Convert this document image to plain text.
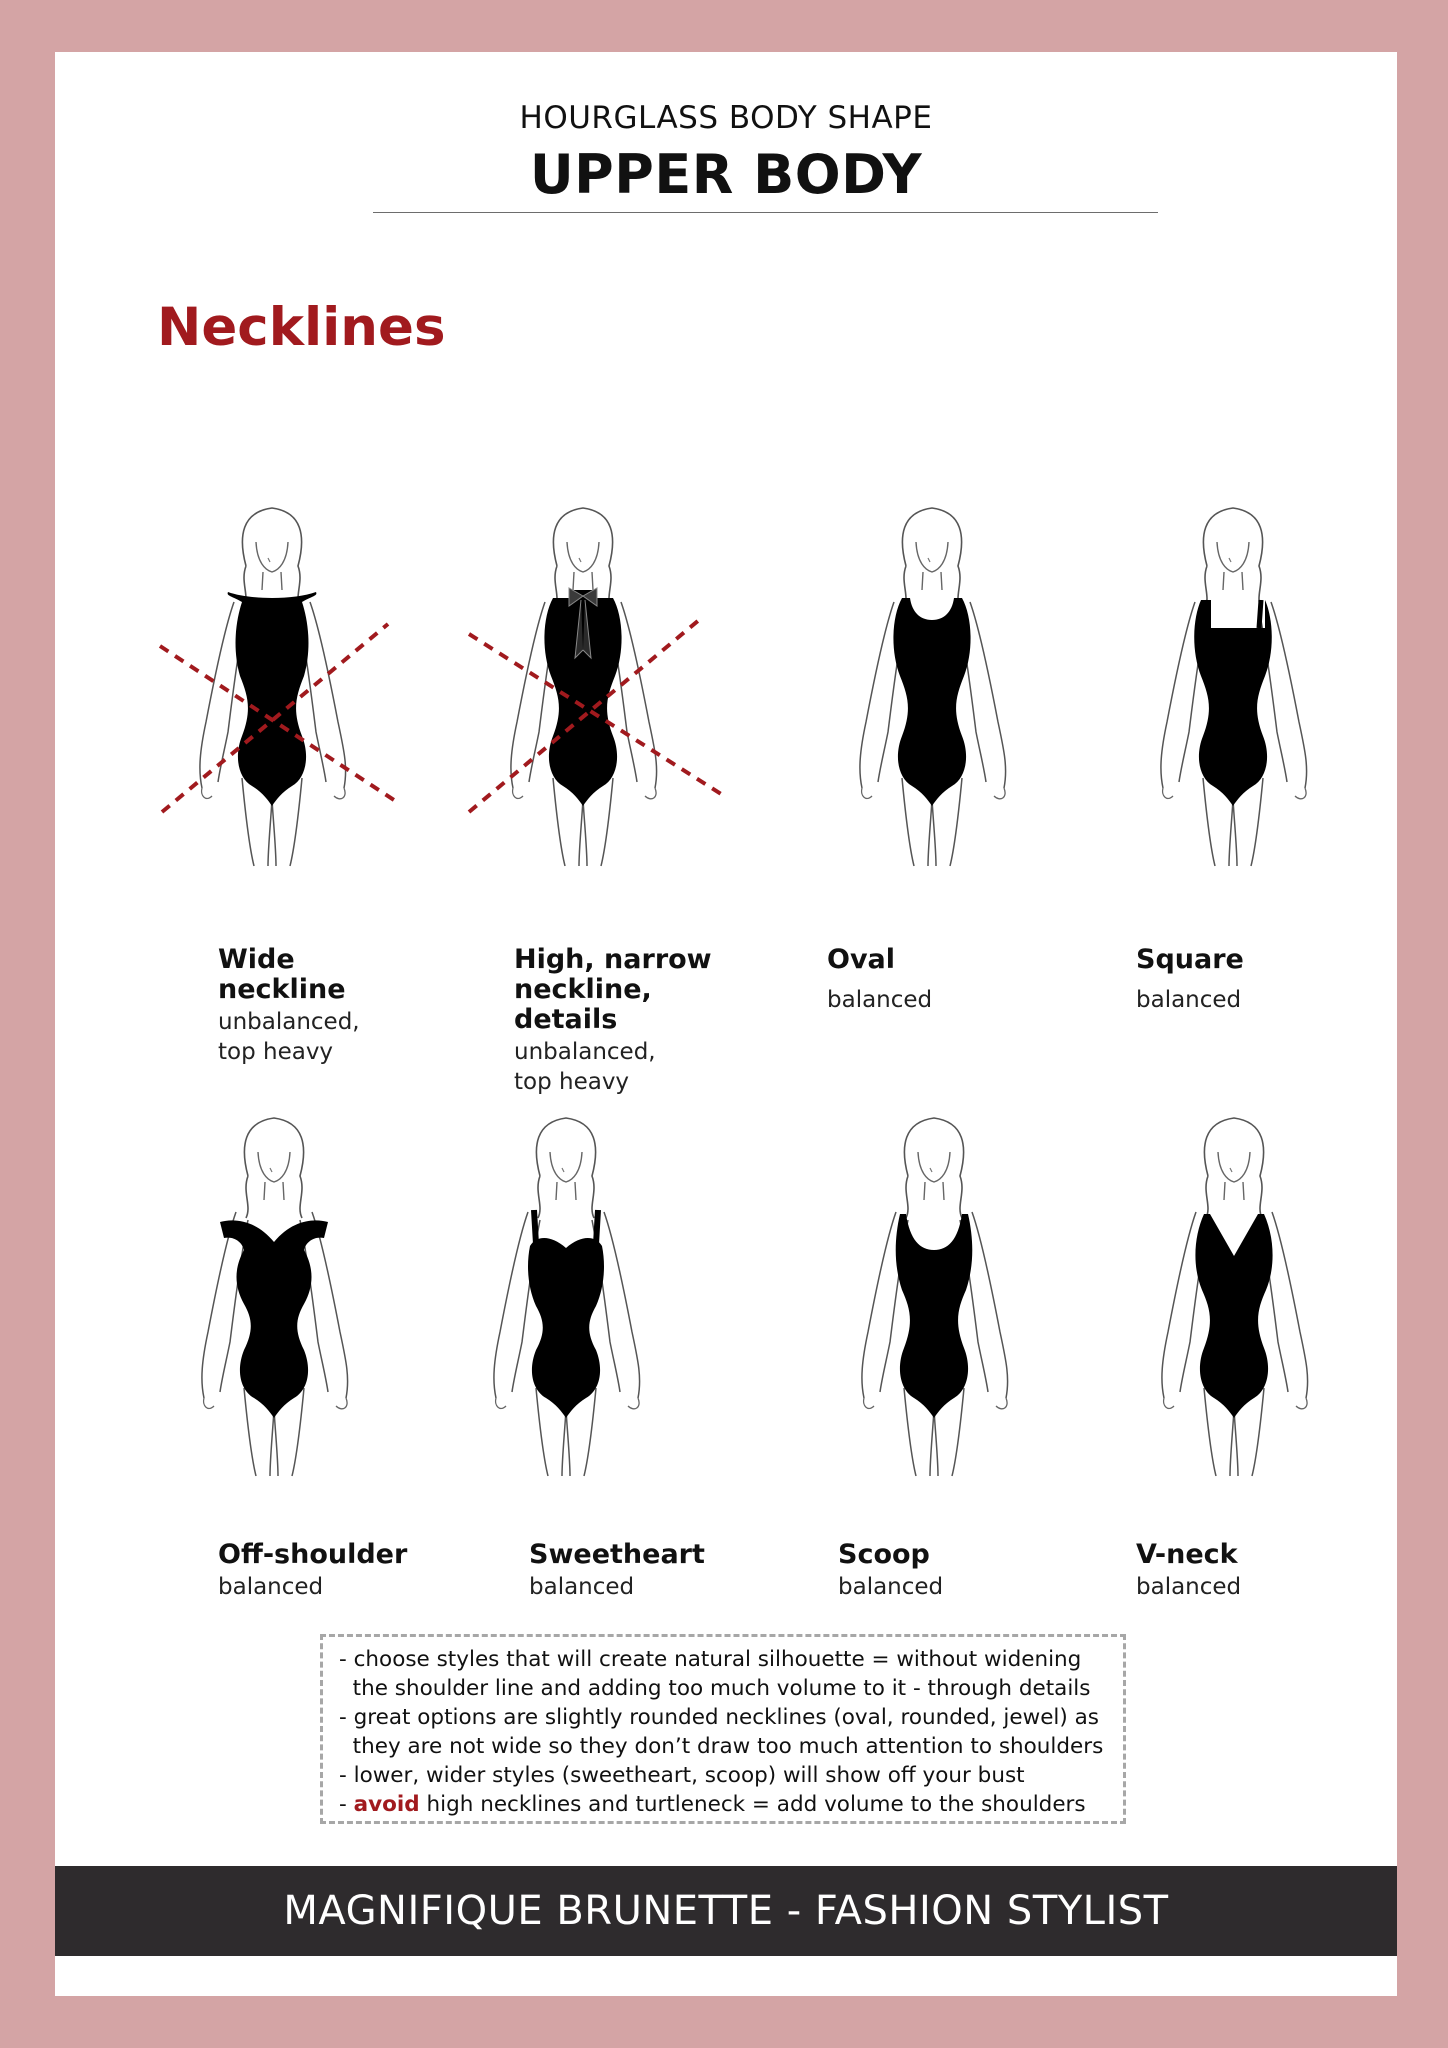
HOURGLASS BODY SHAPE
UPPER BODY
Necklines
Wide neckline
unbalanced, top heavy
High, narrow neckline, details
unbalanced, top heavy
Oval
balanced
Square
balanced
Off-shoulder
balanced
Sweetheart
balanced
Scoop
balanced
V-neck
balanced
- choose styles that will create natural silhouette = without widening
the shoulder line and adding too much volume to it - through details
- great options are slightly rounded necklines (oval, rounded, jewel) as
they are not wide so they don’t draw too much attention to shoulders
- lower, wider styles (sweetheart, scoop) will show off your bust
- avoid high necklines and turtleneck = add volume to the shoulders
MAGNIFIQUE BRUNETTE - FASHION STYLIST
